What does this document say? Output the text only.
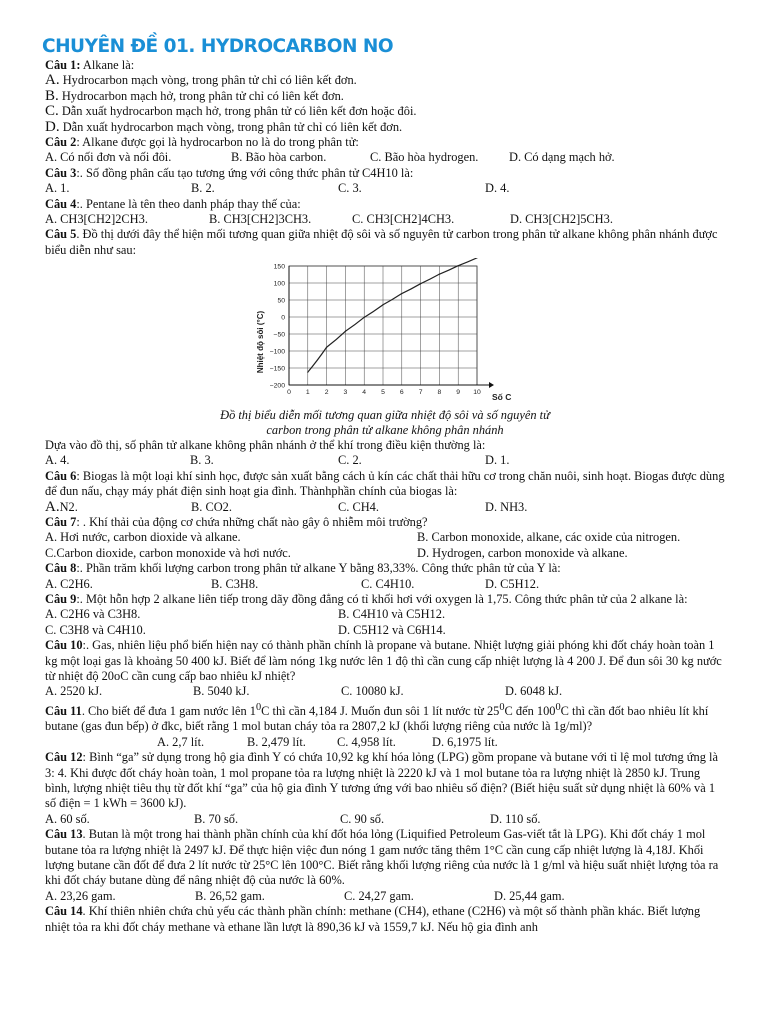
CHUYÊN ĐỀ 01. HYDROCARBON NO
Câu 1: Alkane là:
A. Hydrocarbon mạch vòng, trong phân tử chỉ có liên kết đơn.
B. Hydrocarbon mạch hở, trong phân tử chỉ có liên kết đơn.
C. Dẫn xuất hydrocarbon mạch hở, trong phân tử có liên kết đơn hoặc đôi.
D. Dẫn xuất hydrocarbon mạch vòng, trong phân tử chỉ có liên kết đơn.
Câu 2: Alkane được gọi là hydrocarbon no là do trong phân tử:
A. Có nối đơn và nối đôi.	B. Bão hòa carbon.	C. Bão hòa hydrogen.	D. Có dạng mạch hở.
Câu 3:. Số đồng phân cấu tạo tương ứng với công thức phân tử C4H10 là:
A. 1.	B. 2.	C. 3.	D. 4.
Câu 4:. Pentane là tên theo danh pháp thay thế của:
A. CH3[CH2]2CH3.	B. CH3[CH2]3CH3.	C. CH3[CH2]4CH3.	D. CH3[CH2]5CH3.
Câu 5. Đồ thị dưới đây thể hiện mối tương quan giữa nhiệt độ sôi và số nguyên tử carbon trong phân tử alkane không phân nhánh được biểu diễn như sau:
150
100
50
0
−50
−100
−150
−200
0 1 2 3 4 5 6 7 8 9 10
Nhiệt độ sôi (°C)
Số C
Đồ thị biểu diễn mối tương quan giữa nhiệt độ sôi và số nguyên tử
carbon trong phân tử alkane không phân nhánh
Dựa vào đồ thị, số phân tử alkane không phân nhánh ở thể khí trong điều kiện thường là:
A. 4.	B. 3.	C. 2.	D. 1.
Câu 6: Biogas là một loại khí sinh học, được sản xuất bằng cách ủ kín các chất thải hữu cơ trong chăn nuôi, sinh hoạt. Biogas được dùng để đun nấu, chạy máy phát điện sinh hoạt gia đình. Thànhphần chính của biogas là:
A.N2.	B. CO2.	C. CH4.	D. NH3.
Câu 7: . Khí thải của động cơ chứa những chất nào gây ô nhiễm môi trường?
A. Hơi nước, carbon dioxide và alkane.	B. Carbon monoxide, alkane, các oxide của nitrogen.
C.Carbon dioxide, carbon monoxide và hơi nước.	D. Hydrogen, carbon monoxide và alkane.
Câu 8:. Phần trăm khối lượng carbon trong phân tử alkane Y bằng 83,33%. Công thức phân tử của Y là:
A. C2H6.	B. C3H8.	C. C4H10.	D. C5H12.
Câu 9:. Một hỗn hợp 2 alkane liên tiếp trong dãy đồng đẳng có tỉ khối hơi với oxygen là 1,75. Công thức phân tử của 2 alkane là:
A. C2H6 và C3H8.	B. C4H10 và C5H12.
C. C3H8 và C4H10.	D. C5H12 và C6H14.
Câu 10:. Gas, nhiên liệu phổ biến hiện nay có thành phần chính là propane và butane. Nhiệt lượng giải phóng khi đốt cháy hoàn toàn 1 kg một loại gas là khoảng 50 400 kJ. Biết để làm nóng 1kg nước lên 1 độ thì cần cung cấp nhiệt lượng là 4 200 J. Để đun sôi 30 kg nước từ nhiệt độ 20oC cần cung cấp bao nhiêu kJ nhiệt?
A. 2520 kJ.	B. 5040 kJ.	C. 10080 kJ.	D. 6048 kJ.
Câu 11. Cho biết để đưa 1 gam nước lên $1^0C$ thì cần 4,184 J. Muốn đun sôi 1 lít nước từ $25^0C$ đến $100^0C$ thì cần đốt bao nhiêu lít khí butane (gas đun bếp) ở đkc, biết rằng 1 mol butan cháy tỏa ra 2807,2 kJ (khối lượng riêng của nước là 1g/ml)?
A. 2,7 lít.	B. 2,479 lít.	C. 4,958 lít.	D. 6,1975 lít.
Câu 12: Bình “ga” sử dụng trong hộ gia đình Y có chứa 10,92 kg khí hóa lỏng (LPG) gồm propane và butane với tỉ lệ mol tương ứng là 3: 4. Khi được đốt cháy hoàn toàn, 1 mol propane tỏa ra lượng nhiệt là 2220 kJ và 1 mol butane tỏa ra lượng nhiệt là 2850 kJ. Trung bình, lượng nhiệt tiêu thụ từ đốt khí “ga” của hộ gia đình Y tương ứng với bao nhiêu số điện? (Biết hiệu suất sử dụng nhiệt là 60% và 1 số điện = 1 kWh = 3600 kJ).
A. 60 số.	B. 70 số.	C. 90 số.	D. 110 số.
Câu 13. Butan là một trong hai thành phần chính của khí đốt hóa lỏng (Liquified Petroleum Gas-viết tắt là LPG). Khi đốt cháy 1 mol butane tỏa ra lượng nhiệt là 2497 kJ. Để thực hiện việc đun nóng 1 gam nước tăng thêm 1°C cần cung cấp nhiệt lượng là 4,18J. Khối lượng butane cần đốt để đưa 2 lít nước từ 25°C lên 100°C. Biết rằng khối lượng riêng của nước là 1 g/ml và hiệu suất nhiệt lượng tỏa ra khi đốt cháy butane dùng để nâng nhiệt độ của nước là 60%.
A. 23,26 gam.	B. 26,52 gam.	C. 24,27 gam.	D. 25,44 gam.
Câu 14. Khí thiên nhiên chứa chủ yếu các thành phần chính: methane (CH4), ethane (C2H6) và một số thành phần khác. Biết lượng nhiệt tỏa ra khi đốt cháy methane và ethane lần lượt là 890,36 kJ và 1559,7 kJ. Nếu hộ gia đình anh
